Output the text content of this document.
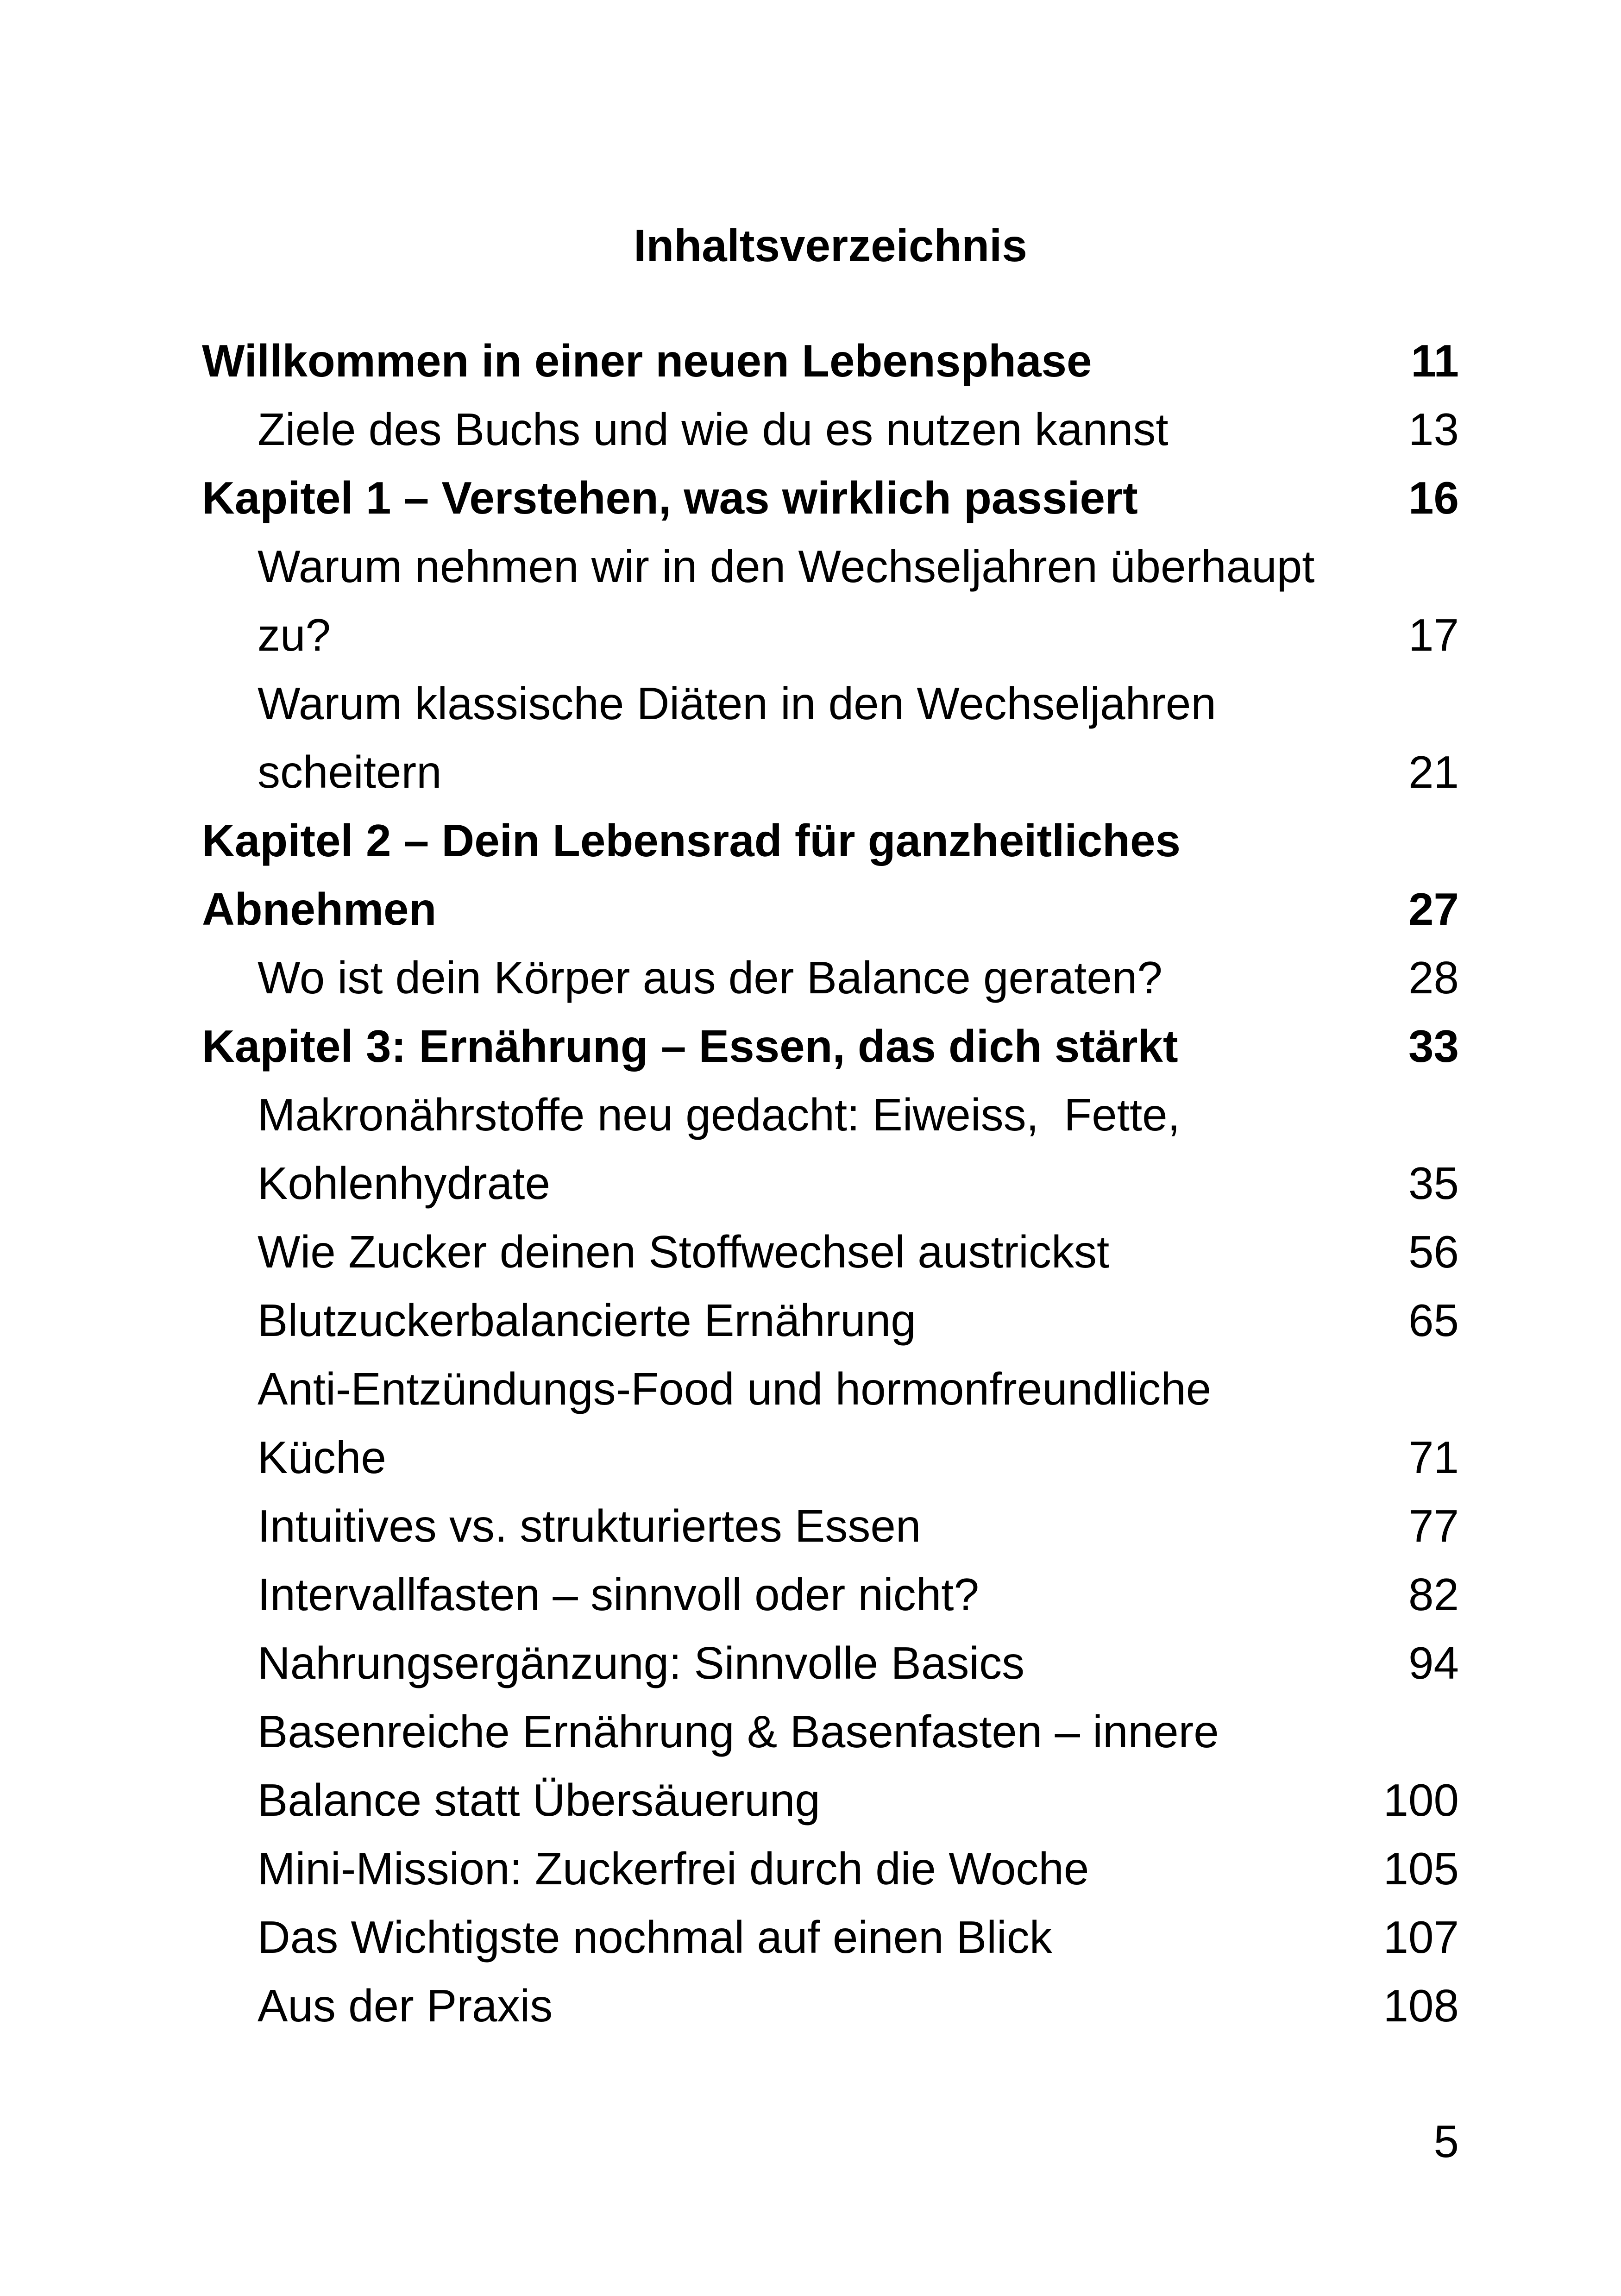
Inhaltsverzeichnis
Willkommen in einer neuen Lebensphase	11
Ziele des Buchs und wie du es nutzen kannst	13
Kapitel 1 – Verstehen, was wirklich passiert	16
Warum nehmen wir in den Wechseljahren überhaupt
zu?	17
Warum klassische Diäten in den Wechseljahren
scheitern	21
Kapitel 2 – Dein Lebensrad für ganzheitliches
Abnehmen	27
Wo ist dein Körper aus der Balance geraten?	28
Kapitel 3: Ernährung – Essen, das dich stärkt	33
Makronährstoffe neu gedacht: Eiweiss,  Fette,
Kohlenhydrate	35
Wie Zucker deinen Stoffwechsel austrickst	56
Blutzuckerbalancierte Ernährung	65
Anti-Entzündungs-Food und hormonfreundliche
Küche	71
Intuitives vs. strukturiertes Essen	77
Intervallfasten – sinnvoll oder nicht?	82
Nahrungsergänzung: Sinnvolle Basics	94
Basenreiche Ernährung & Basenfasten – innere
Balance statt Übersäuerung	100
Mini-Mission: Zuckerfrei durch die Woche	105
Das Wichtigste nochmal auf einen Blick	107
Aus der Praxis	108
5
